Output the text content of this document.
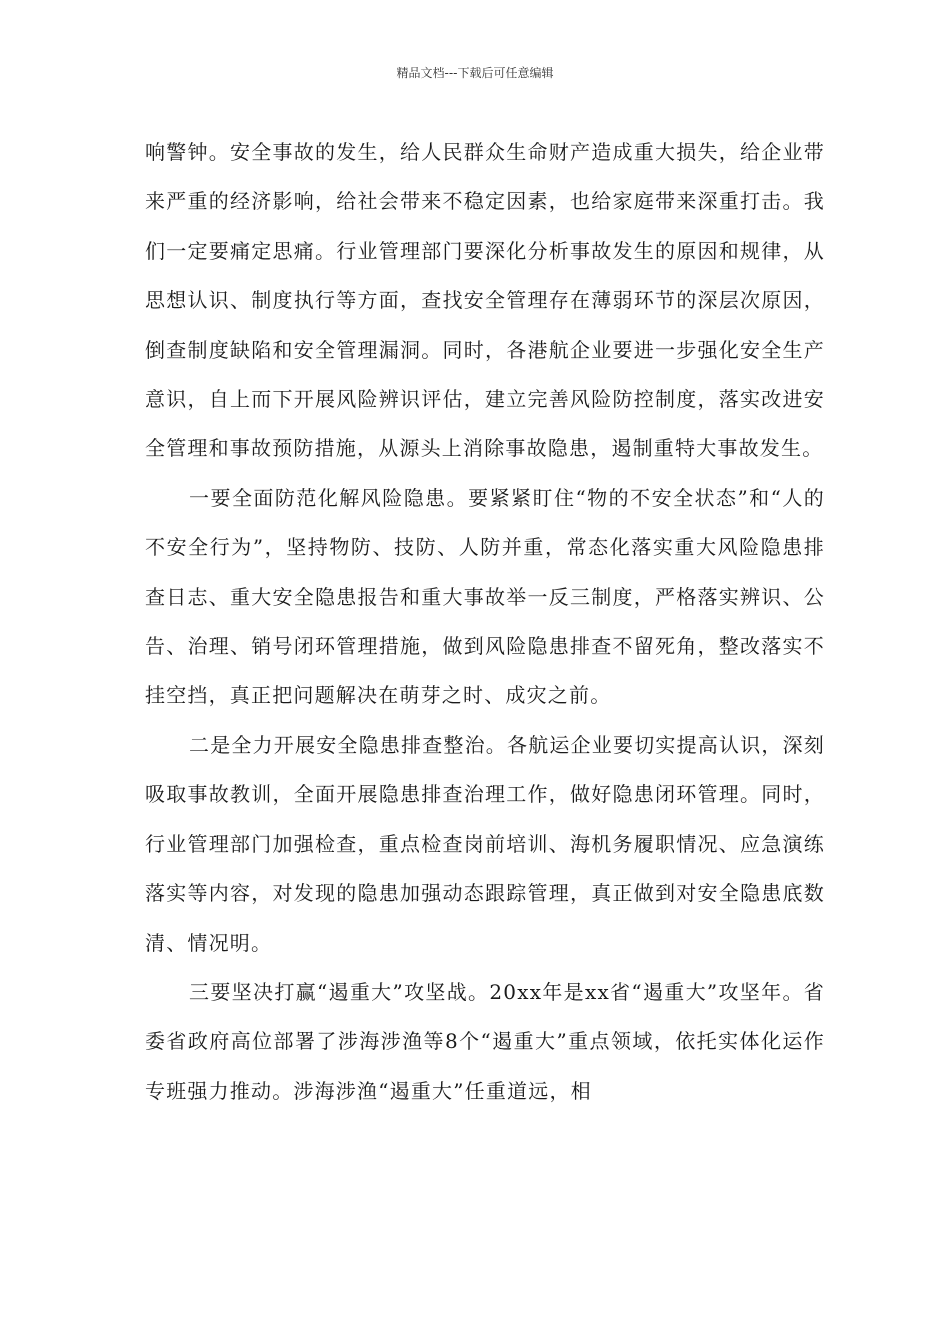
精品文档---下载后可任意编辑

响警钟。安全事故的发生，给人民群众生命财产造成重大损失，给企业带来严重的经济影响，给社会带来不稳定因素，也给家庭带来深重打击。我们一定要痛定思痛。行业管理部门要深化分析事故发生的原因和规律，从思想认识、制度执行等方面，查找安全管理存在薄弱环节的深层次原因，倒查制度缺陷和安全管理漏洞。同时，各港航企业要进一步强化安全生产意识，自上而下开展风险辨识评估，建立完善风险防控制度，落实改进安全管理和事故预防措施，从源头上消除事故隐患，遏制重特大事故发生。

一要全面防范化解风险隐患。要紧紧盯住“物的不安全状态”和“人的不安全行为”，坚持物防、技防、人防并重，常态化落实重大风险隐患排查日志、重大安全隐患报告和重大事故举一反三制度，严格落实辨识、公告、治理、销号闭环管理措施，做到风险隐患排查不留死角，整改落实不挂空挡，真正把问题解决在萌芽之时、成灾之前。

二是全力开展安全隐患排查整治。各航运企业要切实提高认识，深刻吸取事故教训，全面开展隐患排查治理工作，做好隐患闭环管理。同时，行业管理部门加强检查，重点检查岗前培训、海机务履职情况、应急演练落实等内容，对发现的隐患加强动态跟踪管理，真正做到对安全隐患底数清、情况明。

三要坚决打赢“遏重大”攻坚战。20xx年是xx省“遏重大”攻坚年。省委省政府高位部署了涉海涉渔等8个“遏重大”重点领域，依托实体化运作专班强力推动。涉海涉渔“遏重大”任重道远，相
